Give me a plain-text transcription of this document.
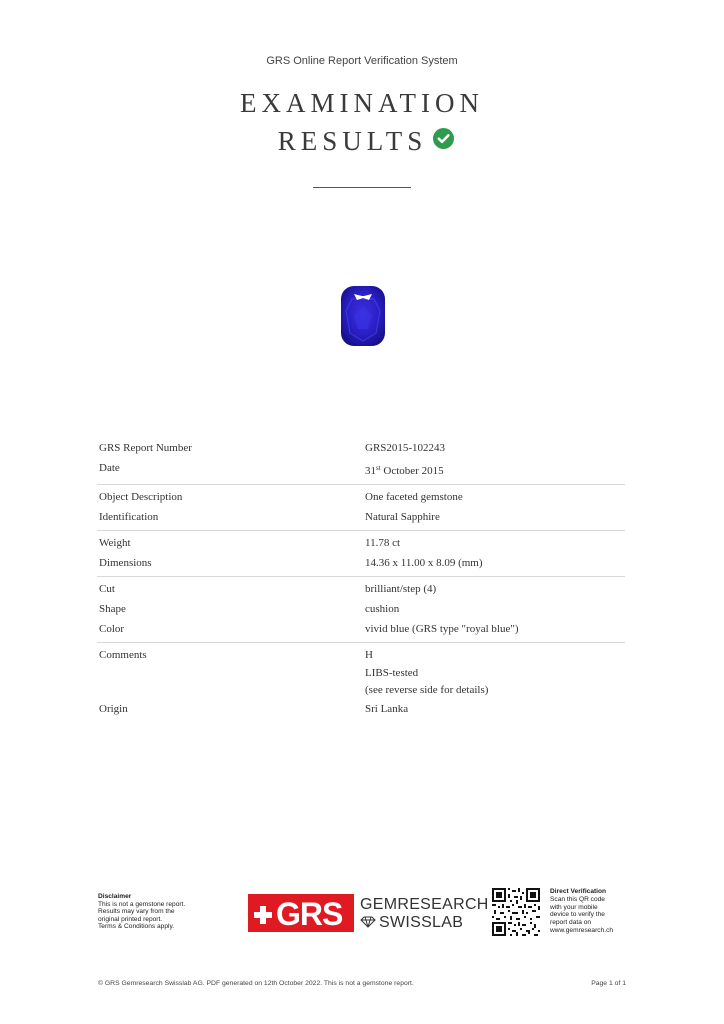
GRS Online Report Verification System
EXAMINATION
RESULTS
GRS Report Number	GRS2015-102243
Date	31st October 2015
Object Description	One faceted gemstone
Identification	Natural Sapphire
Weight	11.78 ct
Dimensions	14.36 x 11.00 x 8.09 (mm)
Cut	brilliant/step (4)
Shape	cushion
Color	vivid blue (GRS type "royal blue")
Comments	H
LIBS-tested
(see reverse side for details)
Origin	Sri Lanka
Disclaimer
This is not a gemstone report.
Results may vary from the
original printed report.
Terms & Conditions apply.	GRS GEMRESEARCH
SWISSLAB
Direct Verification
Scan this QR code
with your mobile
device to verify the
report data on
www.gemresearch.ch
© GRS Gemresearch Swisslab AG. PDF generated on 12th October 2022. This is not a gemstone report.	Page 1 of 1
